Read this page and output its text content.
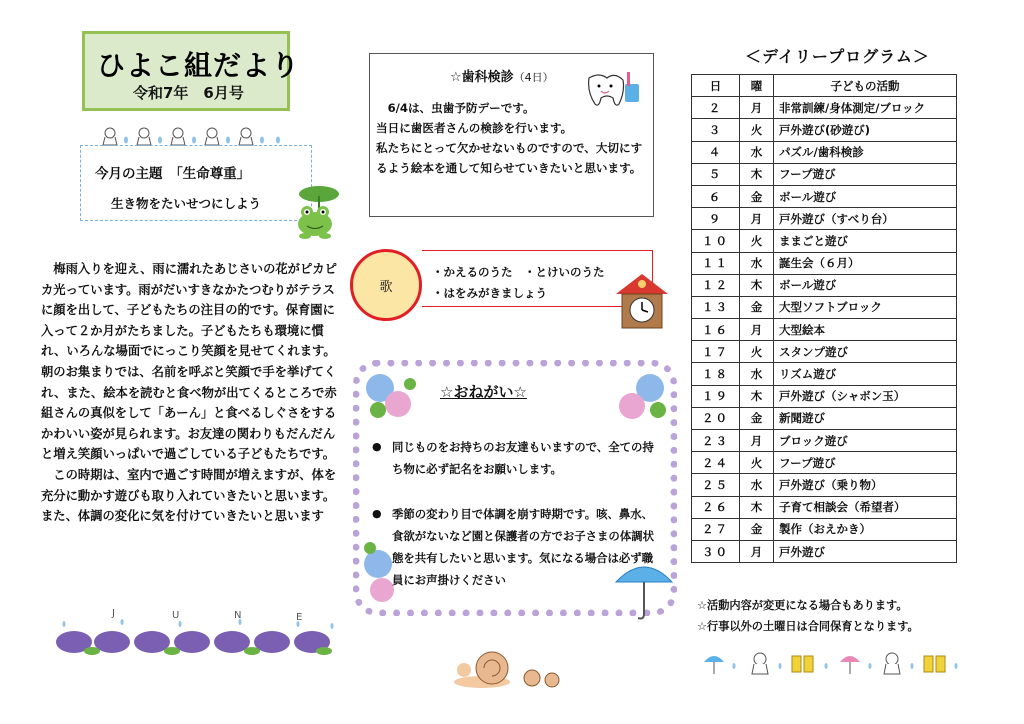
ひよこ組だより
令和7年　6月号
今月の主題　「生命尊重」
生き物をたいせつにしよう

　梅雨入りを迎え、雨に濡れたあじさいの花がピカピカ光っています。雨がだいすきなかたつむりがテラスに顔を出して、子どもたちの注目の的です。保育園に入って２か月がたちました。子どもたちも環境に慣れ、いろんな場面でにっこり笑顔を見せてくれます。朝のお集まりでは、名前を呼ぶと笑顔で手を挙げてくれ、また、絵本を読むと食べ物が出てくるところで赤組さんの真似をして「あーん」と食べるしぐさをするかわいい姿が見られます。お友達の関わりもだんだんと増え笑顔いっぱいで過ごしている子どもたちです。

　この時期は、室内で過ごす時間が増えますが、体を充分に動かす遊びも取り入れていきたいと思います。また、体調の変化に気を付けていきたいと思います

J	U	N	E
☆歯科検診（4日）

　6/4は、虫歯予防デーです。

当日に歯医者さんの検診を行います。

私たちにとって欠かせないものですので、大切にするよう絵本を通して知らせていきたいと思います。

歌
・かえるのうた　・とけいのうた
・はをみがきましょう
☆おねがい☆
● 同じものをお持ちのお友達もいますので、全ての持ち物に必ず記名をお願いします。
● 季節の変わり目で体調を崩す時期です。咳、鼻水、食欲がないなど園と保護者の方でお子さまの体調状態を共有したいと思います。気になる場合は必ず職員にお声掛けください
＜デイリープログラム＞
日	曜	子どもの活動
２	月	非常訓練/身体測定/ブロック
３	火	戸外遊び(砂遊び)
４	水	パズル/歯科検診
５	木	フープ遊び
６	金	ボール遊び
９	月	戸外遊び（すべり台）
１０	火	ままごと遊び
１１	水	誕生会（６月）
１２	木	ボール遊び
１３	金	大型ソフトブロック
１６	月	大型絵本
１７	火	スタンプ遊び
１８	水	リズム遊び
１９	木	戸外遊び（シャボン玉）
２０	金	新聞遊び
２３	月	ブロック遊び
２４	火	フープ遊び
２５	水	戸外遊び（乗り物）
２６	木	子育て相談会（希望者）
２７	金	製作（おえかき）
３０	月	戸外遊び
☆活動内容が変更になる場合もあります。
☆行事以外の土曜日は合同保育となります。
